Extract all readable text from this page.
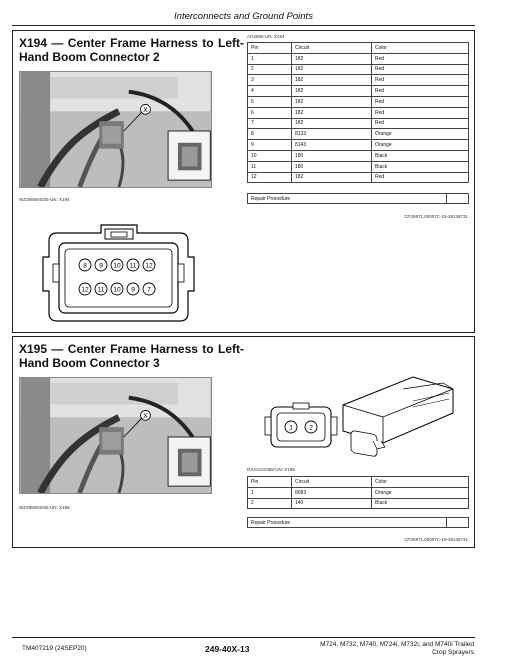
Interconnects and Ground Points
X194 — Center Frame Harness to Left-Hand Boom Connector 2
X
WZ390694035-UN: X194
AG2856-UN: X194
Pin	Circuit	Color
1	182	Red
2	182	Red
3	182	Red
4	182	Red
5	182	Red
6	182	Red
7	182	Red
8	8133	Orange
9	8143	Orange
10	180	Black
11	180	Black
12	182	Red
Repair Procedure
CP26971,00007C-19-28138731
8 9 10 11 12
12 11 10 9 7
X195 — Center Frame Harness to Left-Hand Boom Connector 3
X
WZ390694035-UN: X195
1	2
RXA0121355-UN: X195
Pin	Circuit	Color
1	8083	Orange
2	140	Black
Repair Procedure
CP26971,00007C-19-28138731
TM407219 (24SEP20)	249-40X-13	M724, M732, M740, M724i, M732i, and M740i Trailed
Crop Sprayers
